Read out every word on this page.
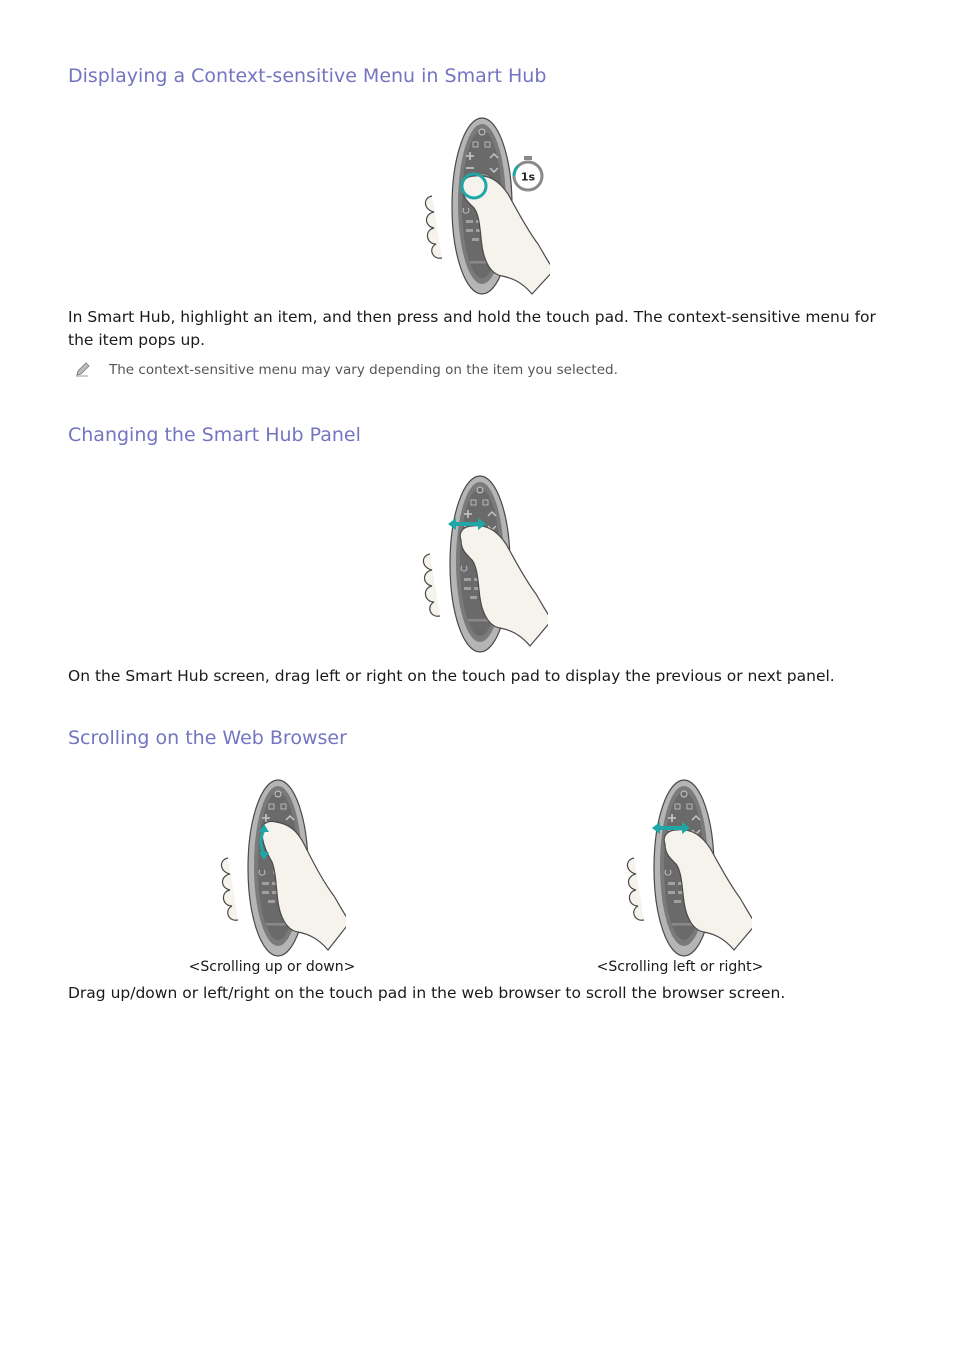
Displaying a Context-sensitive Menu in Smart Hub
1s

In Smart Hub, highlight an item, and then press and hold the touch pad. The context-sensitive menu for the item pops up.

The context-sensitive menu may vary depending on the item you selected.
Changing the Smart Hub Panel

On the Smart Hub screen, drag left or right on the touch pad to display the previous or next panel.

Scrolling on the Web Browser
<Scrolling up or down>	<Scrolling left or right>

Drag up/down or left/right on the touch pad in the web browser to scroll the browser screen.
